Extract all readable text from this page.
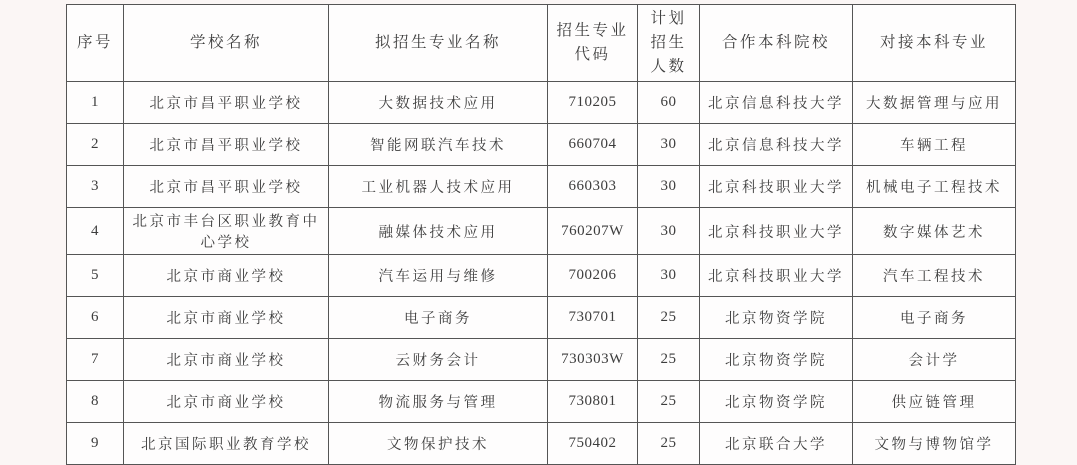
序号	学校名称	拟招生专业名称	招生专业代码	计划招生人数	合作本科院校	对接本科专业
1	北京市昌平职业学校	大数据技术应用	710205	60	北京信息科技大学	大数据管理与应用
2	北京市昌平职业学校	智能网联汽车技术	660704	30	北京信息科技大学	车辆工程
3	北京市昌平职业学校	工业机器人技术应用	660303	30	北京科技职业大学	机械电子工程技术
4	北京市丰台区职业教育中心学校	融媒体技术应用	760207W	30	北京科技职业大学	数字媒体艺术
5	北京市商业学校	汽车运用与维修	700206	30	北京科技职业大学	汽车工程技术
6	北京市商业学校	电子商务	730701	25	北京物资学院	电子商务
7	北京市商业学校	云财务会计	730303W	25	北京物资学院	会计学
8	北京市商业学校	物流服务与管理	730801	25	北京物资学院	供应链管理
9	北京国际职业教育学校	文物保护技术	750402	25	北京联合大学	文物与博物馆学
